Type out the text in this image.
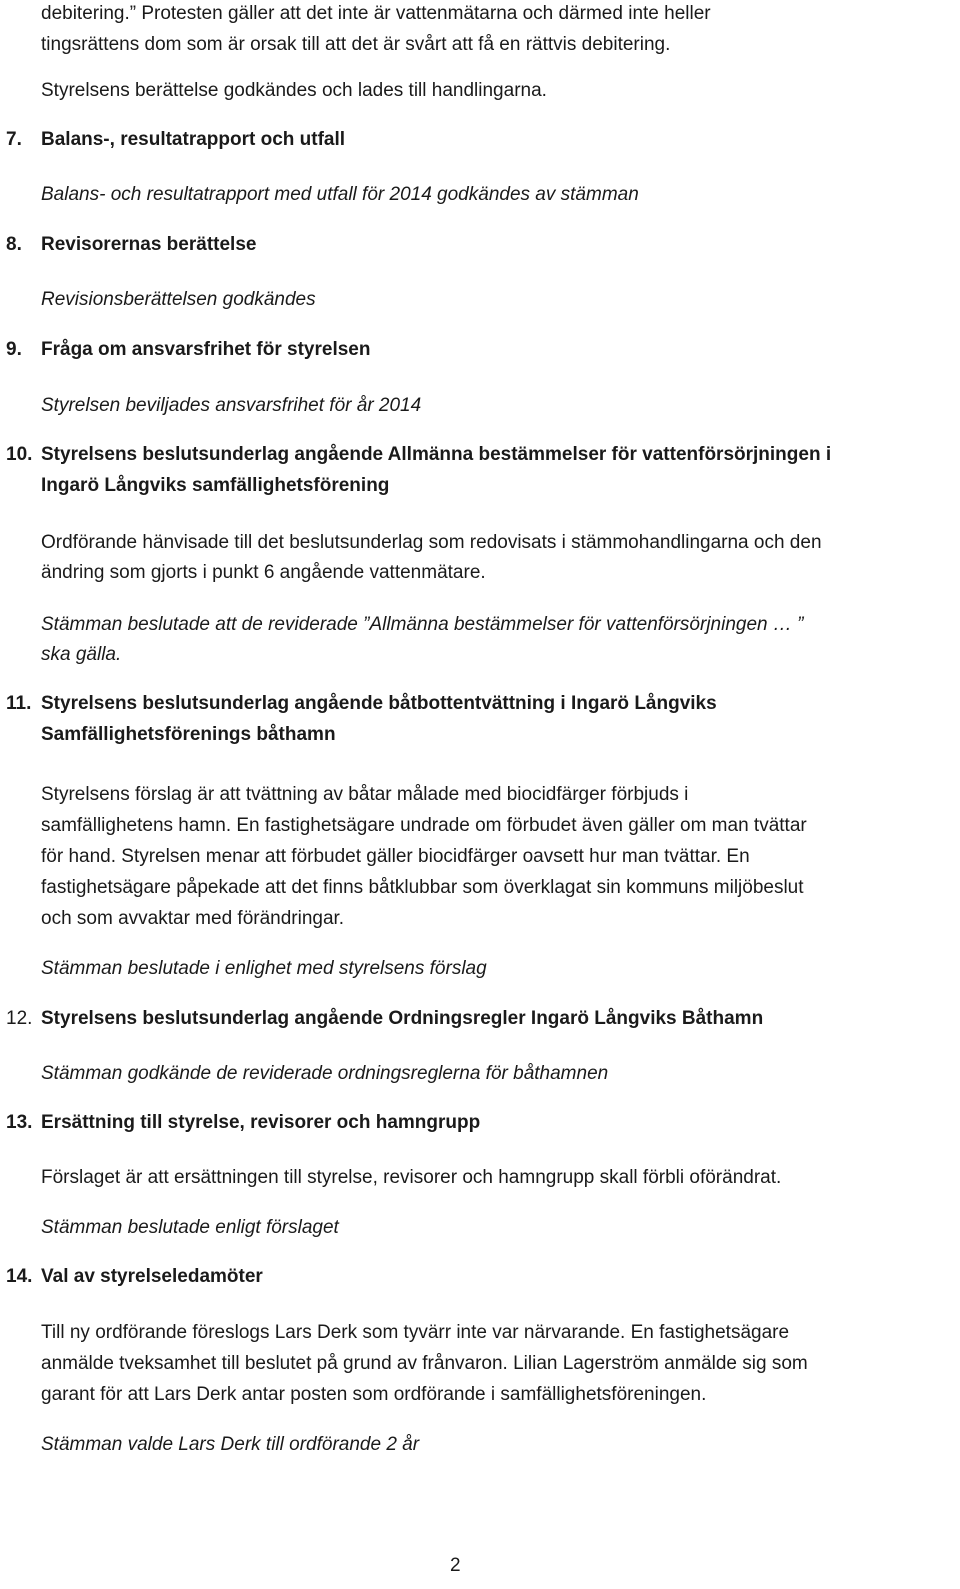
debitering.” Protesten gäller att det inte är vattenmätarna och därmed inte heller
tingsrättens dom som är orsak till att det är svårt att få en rättvis debitering.
Styrelsens berättelse godkändes och lades till handlingarna.
7. Balans-, resultatrapport och utfall
Balans- och resultatrapport med utfall för 2014 godkändes av stämman
8. Revisorernas berättelse
Revisionsberättelsen godkändes
9. Fråga om ansvarsfrihet för styrelsen
Styrelsen beviljades ansvarsfrihet för år 2014
10. Styrelsens beslutsunderlag angående Allmänna bestämmelser för vattenförsörjningen i
Ingarö Långviks samfällighetsförening
Ordförande hänvisade till det beslutsunderlag som redovisats i stämmohandlingarna och den
ändring som gjorts i punkt 6 angående vattenmätare.
Stämman beslutade att de reviderade ”Allmänna bestämmelser för vattenförsörjningen … ”
ska gälla.
11. Styrelsens beslutsunderlag angående båtbottentvättning i Ingarö Långviks
Samfällighetsförenings båthamn
Styrelsens förslag är att tvättning av båtar målade med biocidfärger förbjuds i
samfällighetens hamn. En fastighetsägare undrade om förbudet även gäller om man tvättar
för hand. Styrelsen menar att förbudet gäller biocidfärger oavsett hur man tvättar. En
fastighetsägare påpekade att det finns båtklubbar som överklagat sin kommuns miljöbeslut
och som avvaktar med förändringar.
Stämman beslutade i enlighet med styrelsens förslag
12. Styrelsens beslutsunderlag angående Ordningsregler Ingarö Långviks Båthamn
Stämman godkände de reviderade ordningsreglerna för båthamnen
13. Ersättning till styrelse, revisorer och hamngrupp
Förslaget är att ersättningen till styrelse, revisorer och hamngrupp skall förbli oförändrat.
Stämman beslutade enligt förslaget
14. Val av styrelseledamöter
Till ny ordförande föreslogs Lars Derk som tyvärr inte var närvarande. En fastighetsägare
anmälde tveksamhet till beslutet på grund av frånvaron. Lilian Lagerström anmälde sig som
garant för att Lars Derk antar posten som ordförande i samfällighetsföreningen.
Stämman valde Lars Derk till ordförande 2 år
2
